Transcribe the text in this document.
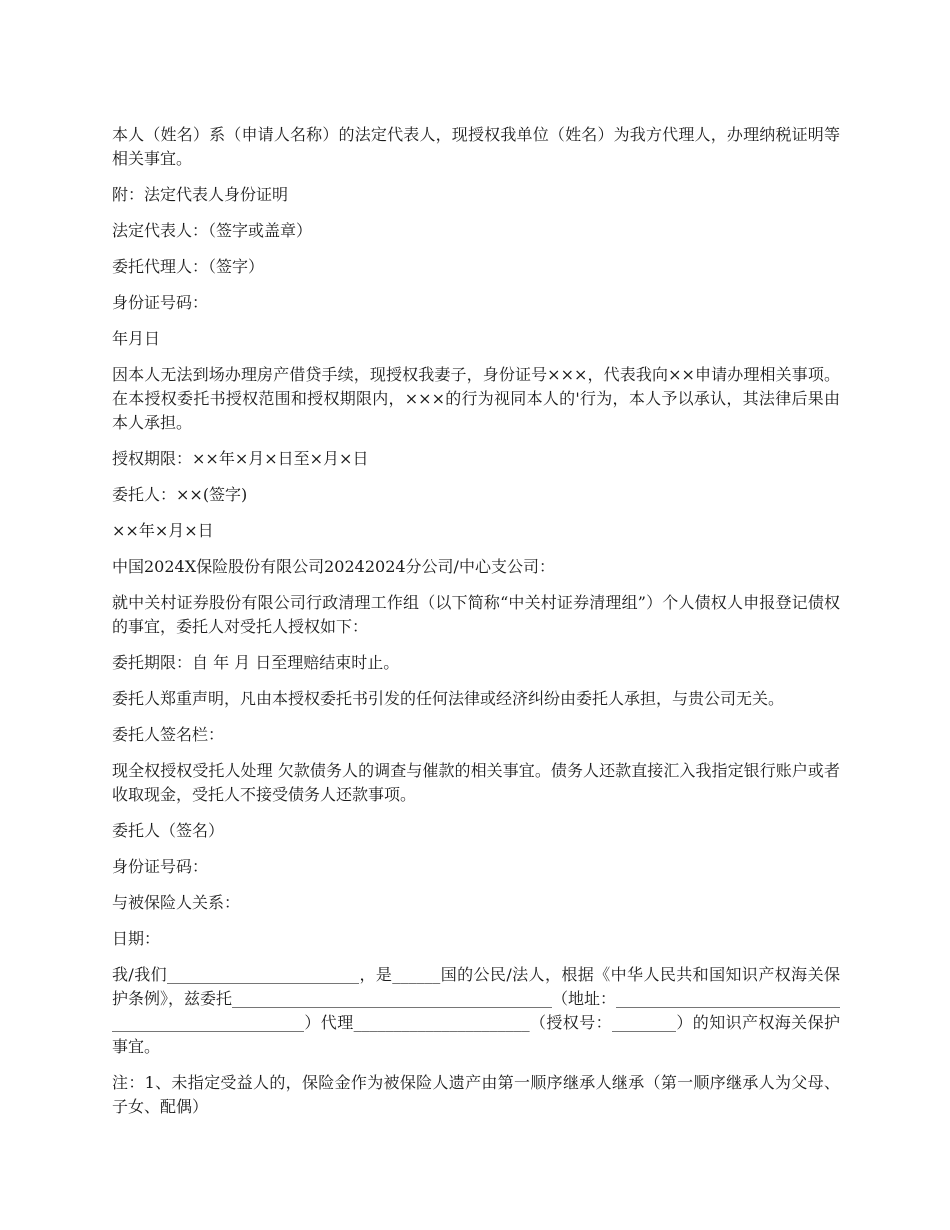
本人（姓名）系（申请人名称）的法定代表人，现授权我单位（姓名）为我方代理人，办理纳税证明等相关事宜。

附：法定代表人身份证明

法定代表人：（签字或盖章）

委托代理人：（签字）

身份证号码：

年月日

因本人无法到场办理房产借贷手续，现授权我妻子，身份证号×××，代表我向××申请办理相关事项。在本授权委托书授权范围和授权期限内，×××的行为视同本人的'行为，本人予以承认，其法律后果由本人承担。

授权期限：××年×月×日至×月×日

委托人：××(签字)

××年×月×日

中国2024X保险股份有限公司20242024分公司/中心支公司：

就中关村证券股份有限公司行政清理工作组（以下简称“中关村证券清理组”）个人债权人申报登记债权的事宜，委托人对受托人授权如下：

委托期限：自 年 月 日至理赔结束时止。

委托人郑重声明，凡由本授权委托书引发的任何法律或经济纠纷由委托人承担，与贵公司无关。

委托人签名栏：

现全权授权受托人处理 欠款债务人的调查与催款的相关事宜。债务人还款直接汇入我指定银行账户或者收取现金，受托人不接受债务人还款事项。

委托人（签名）

身份证号码：

与被保险人关系：

日期：

我/我们________________________，是______国的公民/法人，根据《中华人民共和国知识产权海关保护条例》，兹委托________________________________________（地址：____________________________________________________）代理______________________（授权号：________）的知识产权海关保护事宜。

注：1、未指定受益人的，保险金作为被保险人遗产由第一顺序继承人继承（第一顺序继承人为父母、子女、配偶）
